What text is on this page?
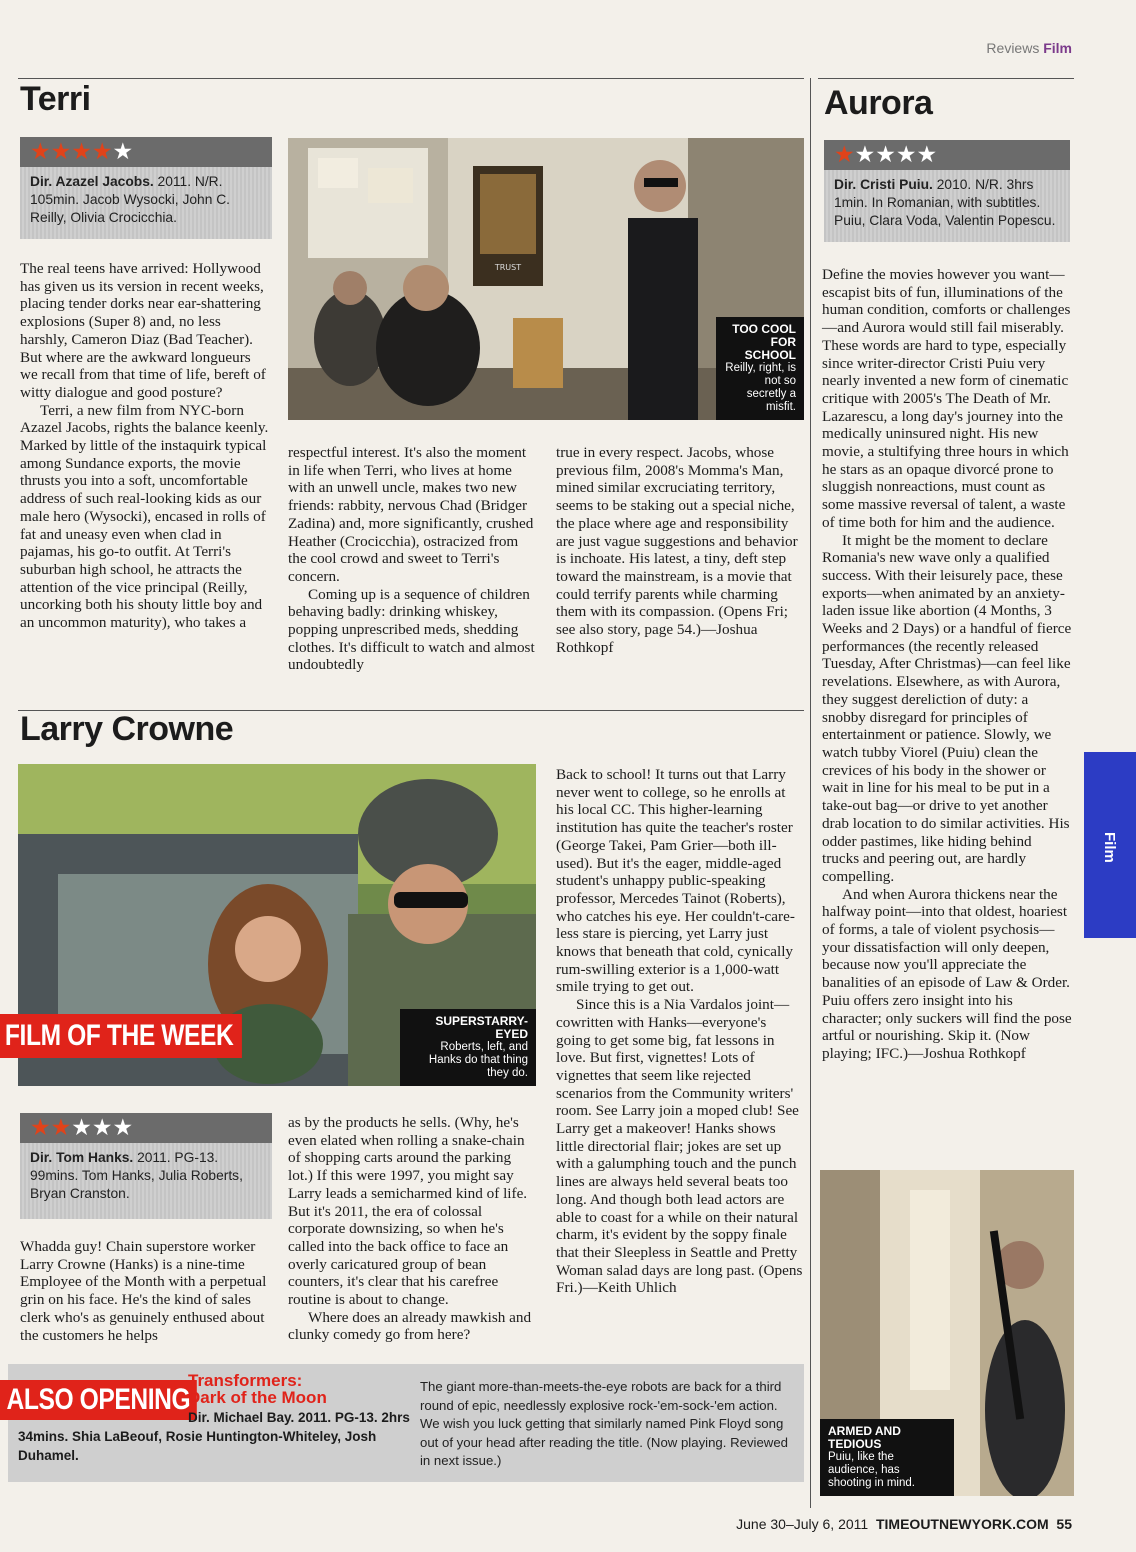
Reviews Film
Terri
★★★★★
Dir. Azazel Jacobs. 2011. N/R. 105min. Jacob Wysocki, John C. Reilly, Olivia Crocicchia.
TRUST
TOO COOL FOR SCHOOL
Reilly, right, is not so secretly a misfit.

The real teens have arrived: Hollywood has given us its version in recent weeks, placing tender dorks near ear-shattering explosions (Super 8) and, no less harshly, Cameron Diaz (Bad Teacher). But where are the awkward longueurs we recall from that time of life, bereft of witty dialogue and good posture?

Terri, a new film from NYC-born Azazel Jacobs, rights the balance keenly. Marked by little of the instaquirk typical among Sundance exports, the movie thrusts you into a soft, uncomfortable address of such real-looking kids as our male hero (Wysocki), encased in rolls of fat and uneasy even when clad in pajamas, his go-to outfit. At Terri's suburban high school, he attracts the attention of the vice principal (Reilly, uncorking both his shouty little boy and an uncommon maturity), who takes a

respectful interest. It's also the moment in life when Terri, who lives at home with an unwell uncle, makes two new friends: rabbity, nervous Chad (Bridger Zadina) and, more significantly, crushed Heather (Crocicchia), ostracized from the cool crowd and sweet to Terri's concern.

Coming up is a sequence of children behaving badly: drinking whiskey, popping unprescribed meds, shedding clothes. It's difficult to watch and almost undoubtedly

true in every respect. Jacobs, whose previous film, 2008's Momma's Man, mined similar excruciating territory, seems to be staking out a special niche, the place where age and responsibility are just vague suggestions and behavior is inchoate. His latest, a tiny, deft step toward the mainstream, is a movie that could terrify parents while charming them with its compassion. (Opens Fri; see also story, page 54.)—Joshua Rothkopf

Aurora
★★★★★
Dir. Cristi Puiu. 2010. N/R. 3hrs 1min. In Romanian, with subtitles. Puiu, Clara Voda, Valentin Popescu.

Define the movies however you want—escapist bits of fun, illuminations of the human condition, comforts or challenges—and Aurora would still fail miserably. These words are hard to type, especially since writer-director Cristi Puiu very nearly invented a new form of cinematic critique with 2005's The Death of Mr. Lazarescu, a long day's journey into the medically uninsured night. His new movie, a stultifying three hours in which he stars as an opaque divorcé prone to sluggish nonreactions, must count as some massive reversal of talent, a waste of time both for him and the audience.

It might be the moment to declare Romania's new wave only a qualified success. With their leisurely pace, these exports—when animated by an anxiety-laden issue like abortion (4 Months, 3 Weeks and 2 Days) or a handful of fierce performances (the recently released Tuesday, After Christmas)—can feel like revelations. Elsewhere, as with Aurora, they suggest dereliction of duty: a snobby disregard for principles of entertainment or patience. Slowly, we watch tubby Viorel (Puiu) clean the crevices of his body in the shower or wait in line for his meal to be put in a take-out bag—or drive to yet another drab location to do similar activities. His odder pastimes, like hiding behind trucks and peering out, are hardly compelling.

And when Aurora thickens near the halfway point—into that oldest, hoariest of forms, a tale of violent psychosis—your dissatisfaction will only deepen, because now you'll appreciate the banalities of an episode of Law & Order. Puiu offers zero insight into his character; only suckers will find the pose artful or nourishing. Skip it. (Now playing; IFC.)—Joshua Rothkopf

ARMED AND TEDIOUS
Puiu, like the audience, has shooting in mind.
Film
Larry Crowne
SUPERSTARRY-EYED
Roberts, left, and Hanks do that thing they do.
FILM OF THE WEEK
★★★★★
Dir. Tom Hanks. 2011. PG-13. 99mins. Tom Hanks, Julia Roberts, Bryan Cranston.

Whadda guy! Chain superstore worker Larry Crowne (Hanks) is a nine-time Employee of the Month with a perpetual grin on his face. He's the kind of sales clerk who's as genuinely enthused about the customers he helps

as by the products he sells. (Why, he's even elated when rolling a snake-chain of shopping carts around the parking lot.) If this were 1997, you might say Larry leads a semicharmed kind of life. But it's 2011, the era of colossal corporate downsizing, so when he's called into the back office to face an overly caricatured group of bean counters, it's clear that his carefree routine is about to change.

Where does an already mawkish and clunky comedy go from here?

Back to school! It turns out that Larry never went to college, so he enrolls at his local CC. This higher-learning institution has quite the teacher's roster (George Takei, Pam Grier—both ill-used). But it's the eager, middle-aged student's unhappy public-speaking professor, Mercedes Tainot (Roberts), who catches his eye. Her couldn't-care-less stare is piercing, yet Larry just knows that beneath that cold, cynically rum-swilling exterior is a 1,000-watt smile trying to get out.

Since this is a Nia Vardalos joint—cowritten with Hanks—everyone's going to get some big, fat lessons in love. But first, vignettes! Lots of vignettes that seem like rejected scenarios from the Community writers' room. See Larry join a moped club! See Larry get a makeover! Hanks shows little directorial flair; jokes are set up with a galumphing touch and the punch lines are always held several beats too long. And though both lead actors are able to coast for a while on their natural charm, it's evident by the soppy finale that their Sleepless in Seattle and Pretty Woman salad days are long past. (Opens Fri.)—Keith Uhlich

ALSO OPENING
Transformers:
Dark of the Moon
Dir. Michael Bay. 2011. PG-13. 2hrs 34mins. Shia LaBeouf, Rosie Huntington-Whiteley, Josh Duhamel.
The giant more-than-meets-the-eye robots are back for a third round of epic, needlessly explosive rock-'em-sock-'em action. We wish you luck getting that similarly named Pink Floyd song out of your head after reading the title. (Now playing. Reviewed in next issue.)
June 30–July 6, 2011 TIMEOUTNEWYORK.COM 55
